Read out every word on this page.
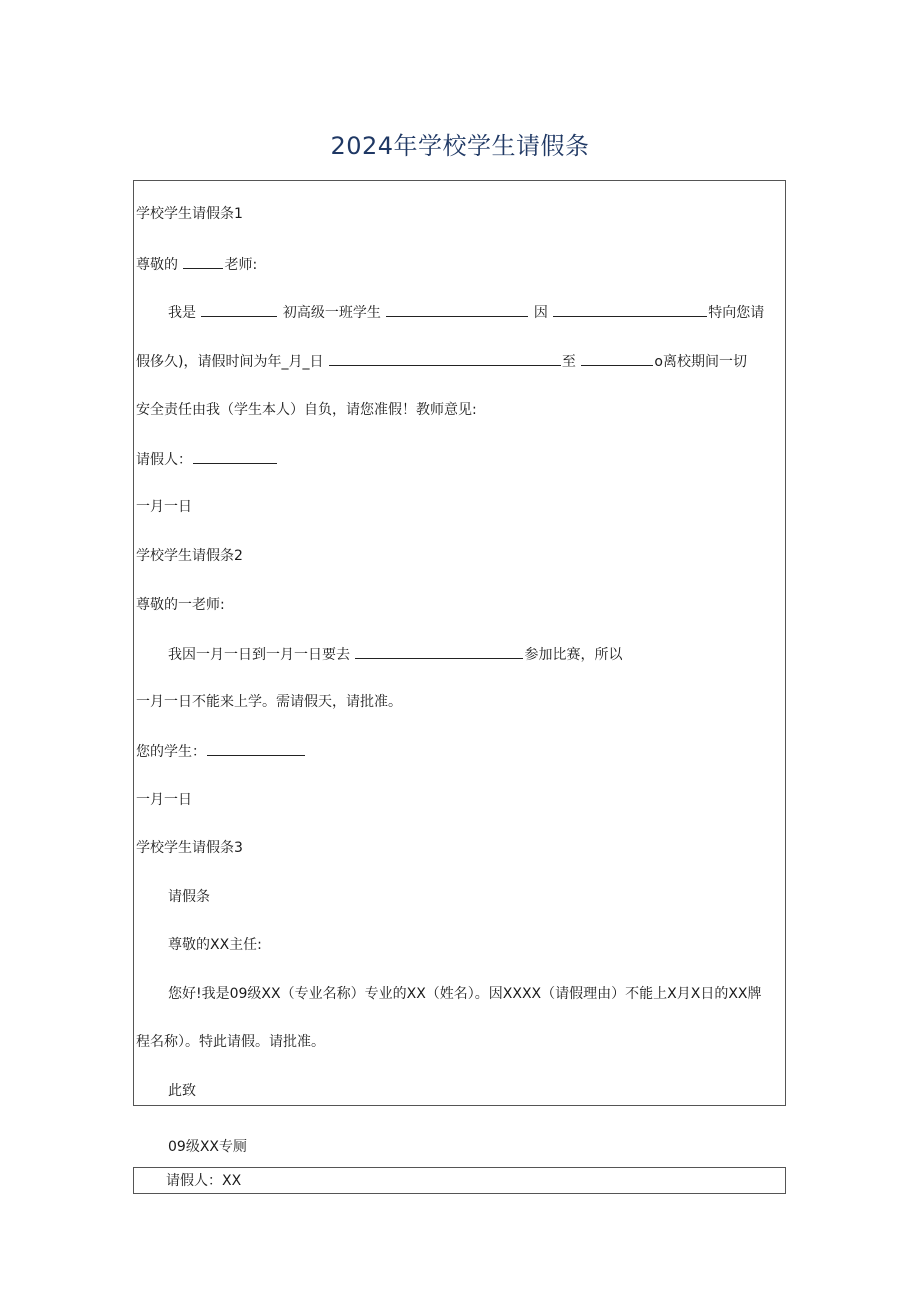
2024年学校学生请假条
学校学生请假条1
尊敬的	老师:
我是	初高级一班学生	因	特向您请
假侈久)，请假时间为年_月_日	至	o离校期间一切
安全责任由我（学生本人）自负，请您准假！教师意见:
请假人：
一月一日
学校学生请假条2
尊敬的一老师:
我因一月一日到一月一日要去	参加比赛，所以
一月一日不能来上学。需请假天，请批准。
您的学生：
一月一日
学校学生请假条3
请假条
尊敬的XX主任:
您好!我是09级XX（专业名称）专业的XX（姓名）。因XXXX（请假理由）不能上X月X日的XX牌
程名称）。特此请假。请批准。
此致
09级XX专厕
请假人：XX
